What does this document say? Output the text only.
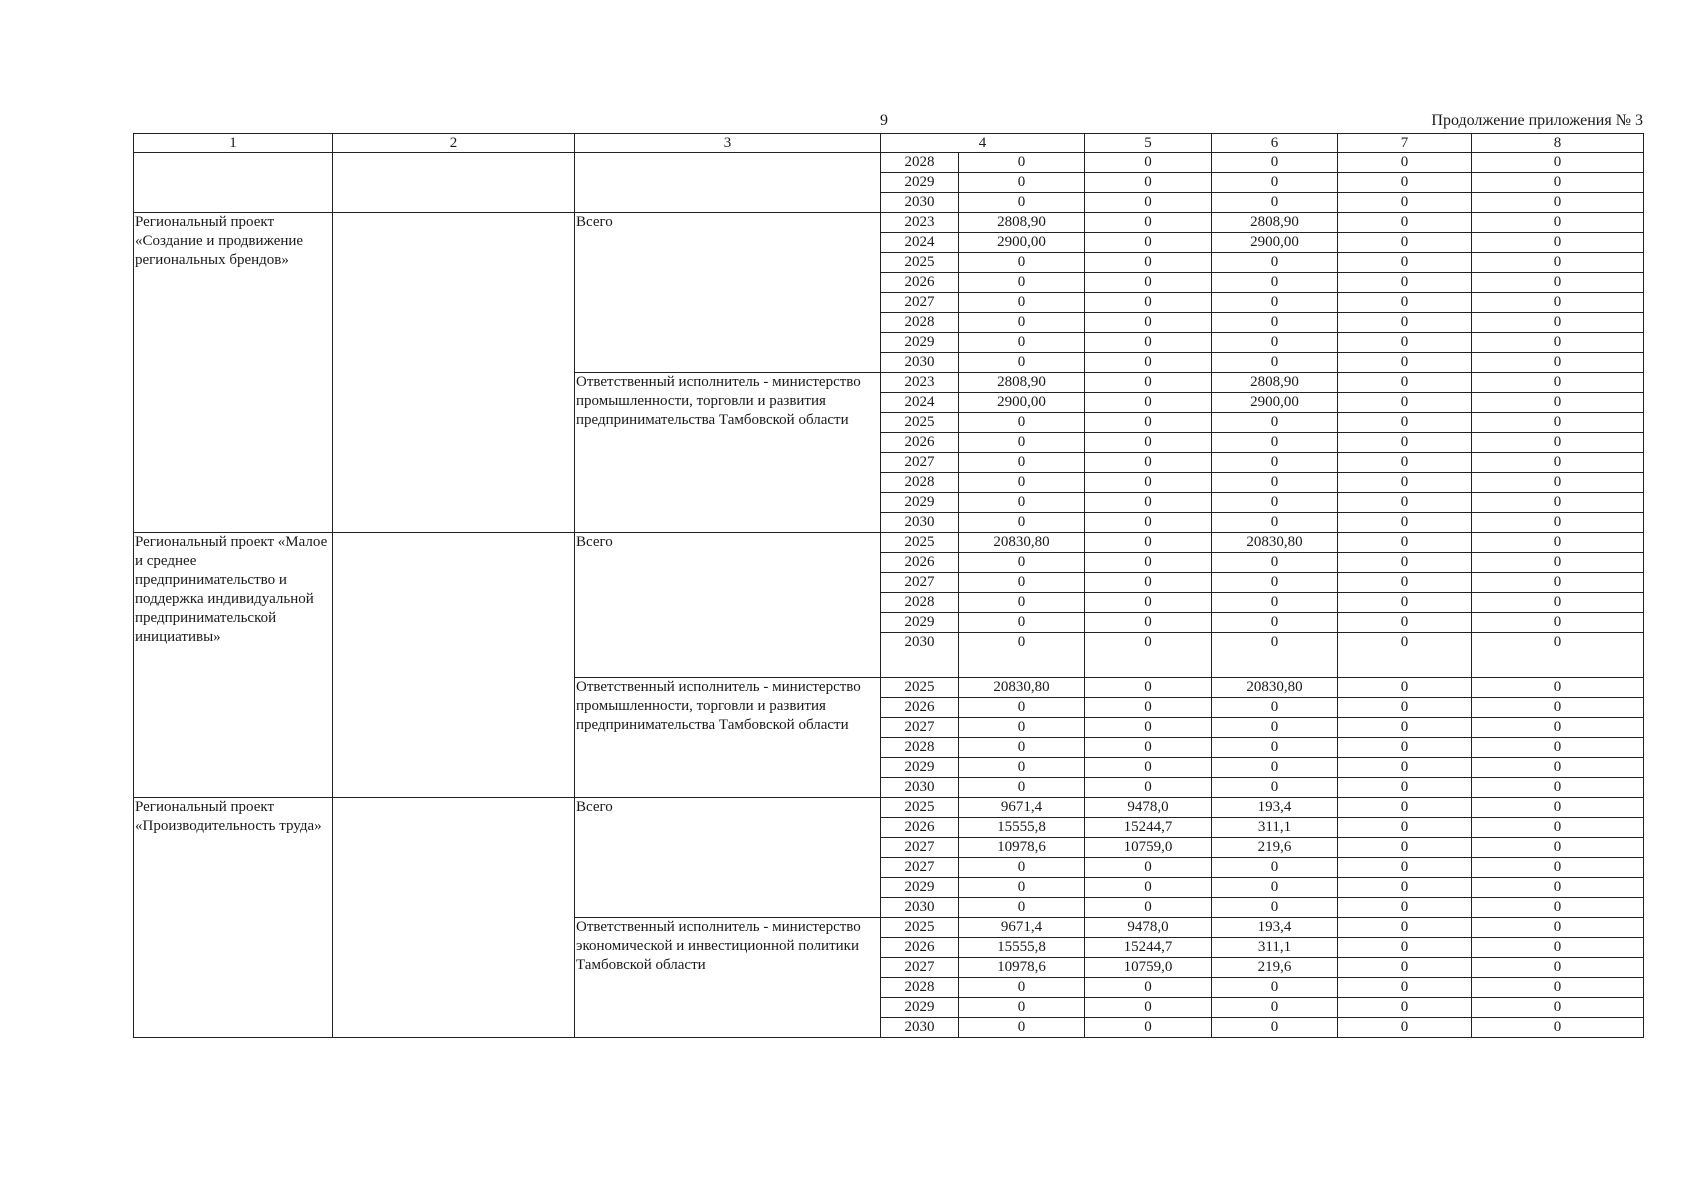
9	Продолжение приложения № 3
1	2	3	4		5	6	7	8
			2028	0	0	0	0	0
			2029	0	0	0	0	0
			2030	0	0	0	0	0
Региональный проект «Создание и продвижение региональных брендов»		Всего	2023	2808,90	0	2808,90	0	0
			2024	2900,00	0	2900,00	0	0
			2025	0	0	0	0	0
			2026	0	0	0	0	0
			2027	0	0	0	0	0
			2028	0	0	0	0	0
			2029	0	0	0	0	0
			2030	0	0	0	0	0
		Ответственный исполнитель - министерство промышленности, торговли и развития предпринимательства Тамбовской области	2023	2808,90	0	2808,90	0	0
			2024	2900,00	0	2900,00	0	0
			2025	0	0	0	0	0
			2026	0	0	0	0	0
			2027	0	0	0	0	0
			2028	0	0	0	0	0
			2029	0	0	0	0	0
			2030	0	0	0	0	0
Региональный проект «Малое и среднее предпринимательство и поддержка индивидуальной предпринимательской инициативы»		Всего	2025	20830,80	0	20830,80	0	0
			2026	0	0	0	0	0
			2027	0	0	0	0	0
			2028	0	0	0	0	0
			2029	0	0	0	0	0
			2030	0	0	0	0	0
		Ответственный исполнитель - министерство промышленности, торговли и развития предпринимательства Тамбовской области	2025	20830,80	0	20830,80	0	0
			2026	0	0	0	0	0
			2027	0	0	0	0	0
			2028	0	0	0	0	0
			2029	0	0	0	0	0
			2030	0	0	0	0	0
Региональный проект «Производительность труда»		Всего	2025	9671,4	9478,0	193,4	0	0
			2026	15555,8	15244,7	311,1	0	0
			2027	10978,6	10759,0	219,6	0	0
			2027	0	0	0	0	0
			2029	0	0	0	0	0
			2030	0	0	0	0	0
		Ответственный исполнитель - министерство экономической и инвестиционной политики Тамбовской области	2025	9671,4	9478,0	193,4	0	0
			2026	15555,8	15244,7	311,1	0	0
			2027	10978,6	10759,0	219,6	0	0
			2028	0	0	0	0	0
			2029	0	0	0	0	0
			2030	0	0	0	0	0
